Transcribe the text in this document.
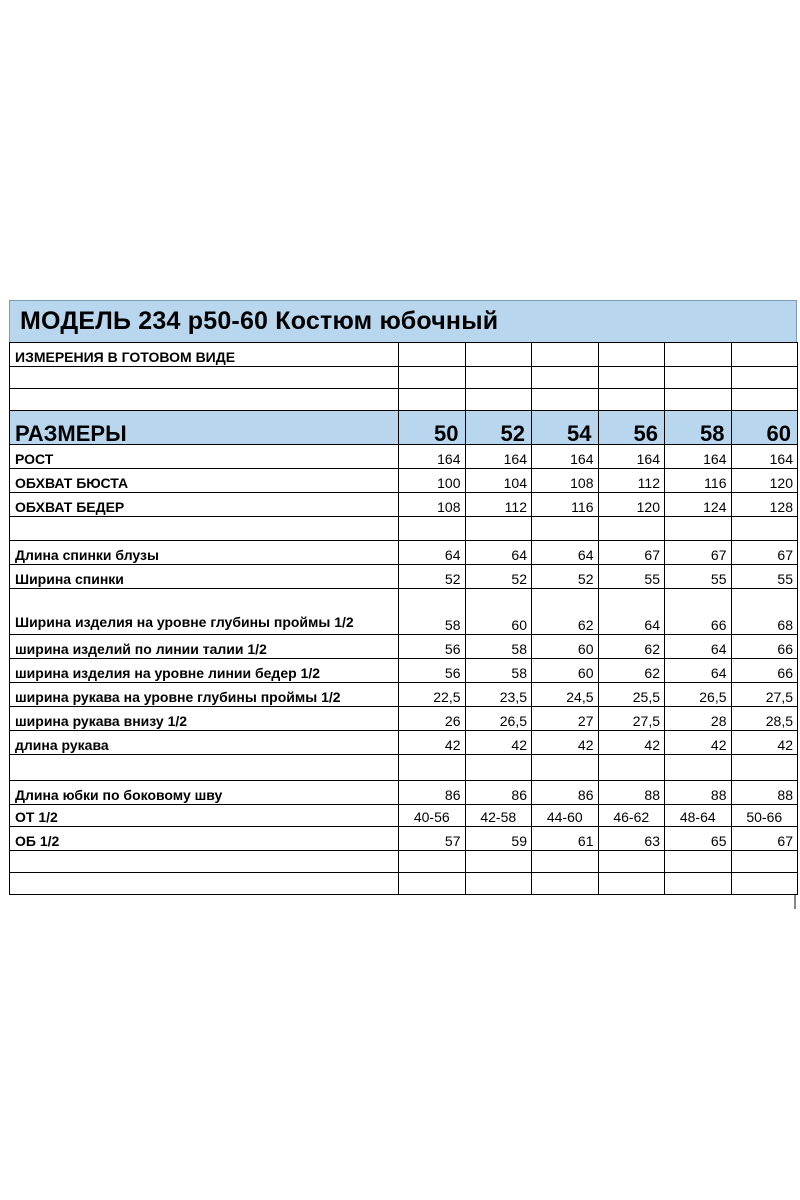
МОДЕЛЬ 234 р50-60 Костюм юбочный
ИЗМЕРЕНИЯ В ГОТОВОМ ВИДЕ						

РАЗМЕРЫ	50	52	54	56	58	60
РОСТ	164	164	164	164	164	164
ОБХВАТ БЮСТА	100	104	108	112	116	120
ОБХВАТ БЕДЕР	108	112	116	120	124	128

Длина спинки блузы	64	64	64	67	67	67
Ширина спинки	52	52	52	55	55	55
Ширина изделия на уровне глубины проймы 1/2	58	60	62	64	66	68
ширина изделий по линии талии 1/2	56	58	60	62	64	66
ширина изделия на уровне линии бедер 1/2	56	58	60	62	64	66
ширина рукава на уровне глубины проймы 1/2	22,5	23,5	24,5	25,5	26,5	27,5
ширина рукава внизу 1/2	26	26,5	27	27,5	28	28,5
длина рукава	42	42	42	42	42	42

Длина юбки по боковому шву	86	86	86	88	88	88
ОТ 1/2	40-56	42-58	44-60	46-62	48-64	50-66
ОБ 1/2	57	59	61	63	65	67
